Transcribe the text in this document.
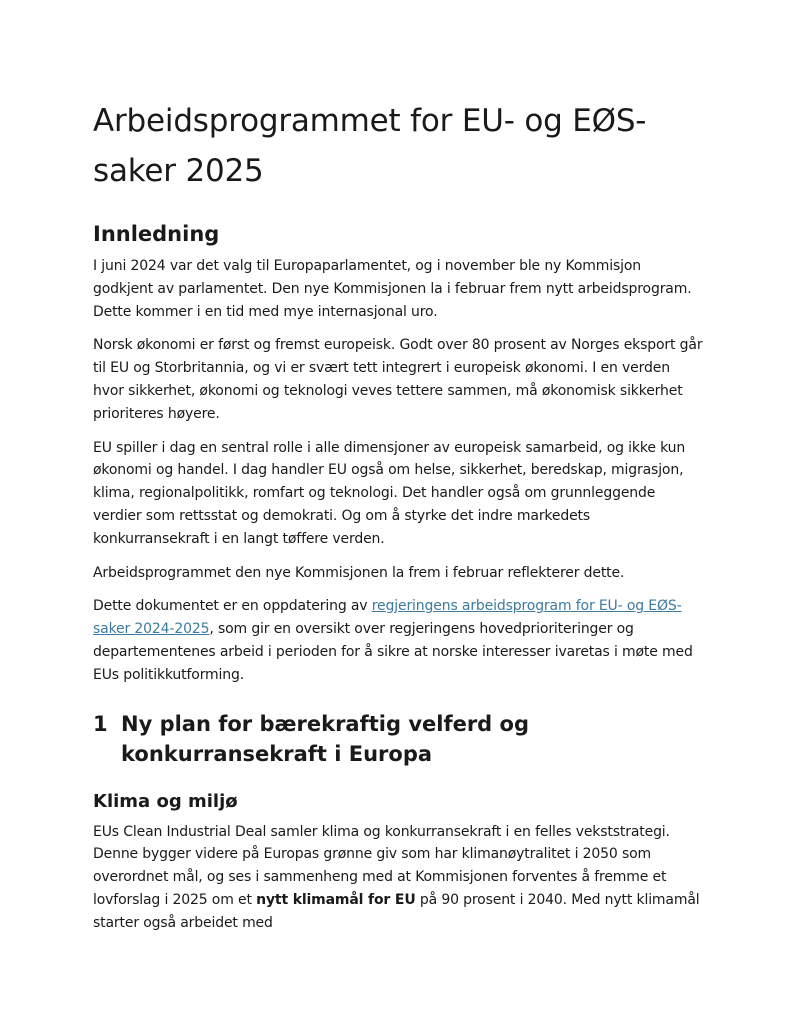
Arbeidsprogrammet for EU- og EØS-saker 2025
Innledning

I juni 2024 var det valg til Europaparlamentet, og i november ble ny Kommisjon godkjent av parlamentet. Den nye Kommisjonen la i februar frem nytt arbeidsprogram. Dette kommer i en tid med mye internasjonal uro.

Norsk økonomi er først og fremst europeisk. Godt over 80 prosent av Norges eksport går til EU og Storbritannia, og vi er svært tett integrert i europeisk økonomi. I en verden hvor sikkerhet, økonomi og teknologi veves tettere sammen, må økonomisk sikkerhet prioriteres høyere.

EU spiller i dag en sentral rolle i alle dimensjoner av europeisk samarbeid, og ikke kun økonomi og handel. I dag handler EU også om helse, sikkerhet, beredskap, migrasjon, klima, regionalpolitikk, romfart og teknologi. Det handler også om grunnleggende verdier som rettsstat og demokrati. Og om å styrke det indre markedets konkurransekraft i en langt tøffere verden.

Arbeidsprogrammet den nye Kommisjonen la frem i februar reflekterer dette.

Dette dokumentet er en oppdatering av regjeringens arbeidsprogram for EU- og EØS-saker 2024-2025, som gir en oversikt over regjeringens hovedprioriteringer og departementenes arbeid i perioden for å sikre at norske interesser ivaretas i møte med EUs politikkutforming.

1 Ny plan for bærekraftig velferd og konkurransekraft i Europa
Klima og miljø

EUs Clean Industrial Deal samler klima og konkurransekraft i en felles vekststrategi. Denne bygger videre på Europas grønne giv som har klimanøytralitet i 2050 som overordnet mål, og ses i sammenheng med at Kommisjonen forventes å fremme et lovforslag i 2025 om et nytt klimamål for EU på 90 prosent i 2040. Med nytt klimamål starter også arbeidet med
